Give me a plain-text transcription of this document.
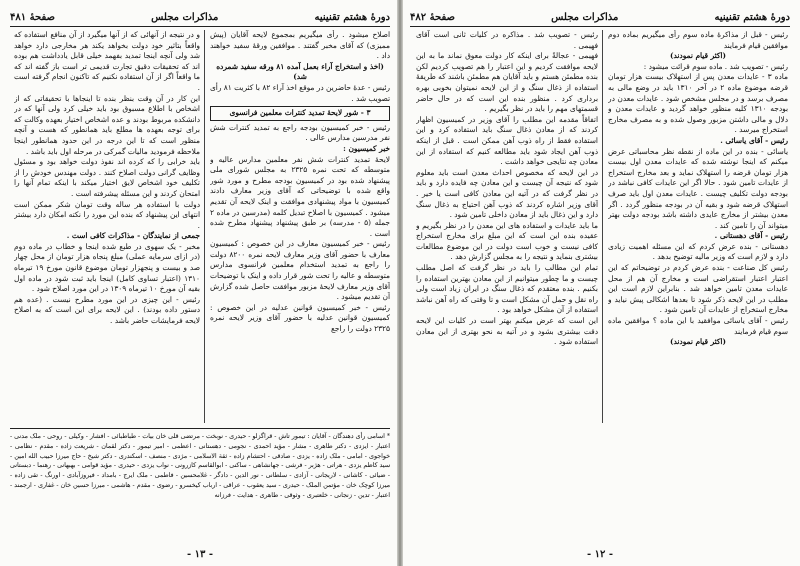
دورهٔ هشتم تقنینیه
مذاکرات مجلس
صفحهٔ ۴۸۱

اصلاح میشود . رأی میگیریم بمجموع لایحه آقایان (پیش ممیزی) که آقای مخبر گفتند . موافقین ورقهٔ سفید خواهند داد .

(اخذ و استخراج آراء بعمل آمده ۸۱ ورقه سفید شمرده شد)

رئیس - عدهٔ حاضرین در موقع اخذ آراء ۸۲ با کثریت ۸۱ رأی تصویب شد .

۳ - شور لایحهٔ تمدید کنترات معلمین فرانسوی

رئیس - خبر کمیسیون بودجه راجع به تمدید کنترات شش نفر مدرسین مدارس عالی .

خبر کمیسیون :

لایحهٔ تمدید کنترات شش نفر معلمین مدارس عالیه و متوسطه که تحت نمره ۲۳۲۵ به مجلس شورای ملی پیشنهاد شده بود در کمیسیون بودجه مطرح و مورد شور واقع شده با توضیحاتی که آقای وزیر معارف دادند کمیسیون با مواد پیشنهادی موافقت و اینک لایحه آن تقدیم میشود . کمیسیون با اصلاح تبدیل کلمه (مدرسین در ماده ۲ جمله (۵ - مدرسه) بر طبق پیشنهاد پیشنهاد مطرح شده است .

رئیس - خبر کمیسیون معارف در این خصوص : کمیسیون معارف با حضور آقای وزیر معارف لایحه نمره ۸۲۰۰ دولت را راجع به تمدید استخدام معلمین فرانسوی مدارس متوسطه و عالیه را تحت شور قرار داده و اینک با توضیحات آقای وزیر معارف لایحهٔ مزبور موافقت حاصل شده گزارش آن تقدیم میشود .

رئیس - خبر کمیسیون قوانین عدلیه در این خصوص : کمیسیون قوانین عدلیه با حضور آقای وزیر لایحه نمره ۲۳۲۵ دولت را راجع

و در نتیجه از آنهائی که از آنها میگیرد از آن منافع استفاده که واقعاً بتاثیر خود دولت بخواهد یکند هر مخارجی دارد خواهد شد ولی آنچه اینجا تمدید بفهمد خیلی قابل یادداشت هم بوده اند که تحقیقات دقیق تجارت قدیمی تر است باز گفته اند که ما واقعاً اگر از آن استفاده نکنیم که تاکنون انجام گرفته است .

این کار در آن وقت بنظر بنده تا اینجاها با تحقیقاتی که از اشخاص با اطلاع مسبوق بود باید خیلی کرد ولی آنها که در دانشکده مربوط بودند و عده اشخاص اختیار بعهده وکالت که برای توجه بعهده ها مطلع باید همانطور که هست و آنچه منظور است که تا این درجه در این حدود همانطور اینجا ملاحظه فرمودید مالیات گمرکی در مرحله اول باید باشد .

باید خرابی را که کرده اند نفوذ دولت خواهد بود و مسئول وظایف گرانی دولت اصلاح کنند . دولت مهندس خودش را از تکلیف خود اشخاص لایق اختیار میکند با اینکه تمام آنها را امتحان کردند و این مسئله پیشرفته است .

دولت با استفاده هر ساله وقت تومان شکر ممکن است انتهای این پیشنهاد که بنده این مورد را نکته امکان دارد بیشتر .

جمعی از نمایندگان - مذاکرات کافی است .

مخبر - یک سهوی در طبع شده اینجا و خطاب در ماده دوم (در ازای سرمایه عملی) مبلغ پنجاه هزار تومان از محل چهار صد و بیست و پنجهزار تومان موضوع قانون مورخ ۱۹ تیرماه ۱۳۱۰ (اعتبار تساوی کامل) اینجا باید ثبت شود در ماده اول بقیه آن مورخ ۱۰ تیرماه ۱۳۰۹ در این مورد اصلاح شود .

رئیس - این چیزی در این مورد مطرح نیست . (عده هم دستور داده بودند) . این لایحه برای این است که به اصلاح لایحه فرمایشات حاضر باشد .

* اسامی رأی دهندگان - آقایان : تیمور تاش - قراگزلو - حیدری - نوبخت - مرتضی قلی خان بیات - طباطبائی - افشار - وکیلی - روحی - ملک مدنی - اعتبار - ایزدی - دکتر طاهری - مشار - مؤید احمدی - نجومی - دهستانی - اعظمی - امیر تیمور - دکتر لقمان - شریعت زاده - مقدم - نظامی - خواجوی - امامی - ملک زاده - یزدی - صادقی - احتشام زاده - ثقة الاسلامی - مژدی - منصف - اسکندری - دکتر شیخ - حاج میرزا حبیب الله امین - سید کاظم یزدی - هراتی - هژبر - فرشی - جهانشاهی - ساکنی - ابوالقاسم کازرونی - نواب یزدی - حیدری - مؤید قوامی - بهبهانی - رهنما - دبستانی - ضیائی - کاشانی - لاریجانی - آزادی - سلطانی - نور الدین - دادگر - غلامحسین - فاطمی - ملک ایرج - بامداد - فیروزآبادی - اورنگ - تقی زاده - میرزا کوچک خان - مؤتمن الملک - حیدری - سید یعقوب - عراقی - ارباب کیخسرو - رضوی - مقدم - هاشمی - میرزا حسین خان - غفاری - ارجمند - اعتبار - تدین - زنجانی - خلعتبری - وثوقی - طاهری - هدایت - فرزانه
- ۱۳ -
دورهٔ هشتم تقنینیه
مذاکرات مجلس
صفحهٔ ۴۸۲

رئیس - قبل از مذاکرهٔ ماده سوم رأی میگیریم بماده دوم موافقین قیام فرمایند

(اکثر قیام نمودند)

رئیس - تصویب شد . ماده سوم قرائت میشود :

ماده ۳ - عایدات معدن پس از استهلاک بیست هزار تومان قرضه موضوع ماده ۲ در آخر ۱۳۱۰ باید در وضع مالی به مصرف برسد و در مجلس مشخص شود . عایدات معدن در بودجه ۱۳۱۰ کلیه منظور خواهد گردید و عایدات معدن و دلال و مالی داشتن مزبور وصول شده و به مصرف مخارج استخراج میرسد .

رئیس - آقای یاسائی .

یاسائی - بنده در این ماده از نقطه نظر محاسباتی عرض میکنم که اینجا نوشته شده که عایدات معدن اول بیست هزار تومان قرضه را استهلاک نماید و بعد مخارج استخراج از عایدات تامین شود . حالا اگر این عایدات کافی نباشد در بودجه دولت تکلیف چیست . عایدات معدن اول باید صرف استهلاک قرضه شود و بقیه آن در بودجه منظور گردد . اگر معدن بیشتر از مخارج عایدی داشته باشد بودجه دولت بهتر میتواند آن را تامین کند .

رئیس - آقای دهستانی .

دهستانی - بنده عرض کردم که این مسئله اهمیت زیادی دارد و لازم است که وزیر مالیه توضیح بدهد .

رئیس کل صناعت - بنده عرض کردم در توضیحاتم که این اعتبار اعتبار استقراضی است و مخارج آن هم از محل عایدات معدن تامین خواهد شد . بنابراین لازم است این مطلب در این لایحه ذکر شود تا بعدها اشکالی پیش نیاید و مخارج استخراج از عایدات آن تامین شود .

رئیس - آقای یاسائی موافقید با این ماده ؟ موافقین ماده سوم قیام فرمایند

(اکثر قیام نمودند)

رئیس - تصویب شد . مذاکره در کلیات ثانی است آقای فهیمی .

فهیمی - عجالةً برای اینکه کار دولت معوق نماند ما به این لایحه موافقت کردیم و این اعتبار را هم تصویب کردیم لکن بنده مطمئن هستم و باید آقایان هم مطمئن باشند که طریقهٔ استفاده از ذغال سنگ و از این لایحه نمیتوان بخوبی بهره برداری کرد . منظور بنده این است که در حال حاضر قسمتهای مهم را باید در نظر بگیریم .

اتفاقاً مقدمه این مطلب را آقای وزیر در کمیسیون اظهار کردند که از معادن ذغال سنگ باید استفاده کرد و این استفاده فقط از راه ذوب آهن ممکن است . قبل از اینکه ذوب آهن ایجاد شود باید مطالعه کنیم که استفاده از این معادن چه نتایجی خواهد داشت .

در این لایحه که مخصوص احداث معدن است باید معلوم شود که نتیجه آن چیست و این معادن چه فایده دارد و باید در نظر گرفت که در آتیه این معادن کافی است یا خیر . آقای وزیر اشاره کردند که ذوب آهن احتیاج به ذغال سنگ دارد و این ذغال باید از معادن داخلی تامین شود .

ما باید عایدات و استفاده های این معدن را در نظر بگیریم و عقیده بنده این است که این مبلغ برای مخارج استخراج کافی نیست و خوب است دولت در این موضوع مطالعات بیشتری بنماید و نتیجه را به مجلس گزارش دهد .

تمام این مطالب را باید در نظر گرفت که اصل مطلب چیست و ما چطور میتوانیم از این معادن بهترین استفاده را بکنیم . بنده معتقدم که ذغال سنگ در ایران زیاد است ولی راه نقل و حمل آن مشکل است و تا وقتی که راه آهن نباشد استفاده از آن مشکل خواهد بود .

این است که عرض میکنم بهتر است در کلیات این لایحه دقت بیشتری بشود و در آتیه به نحو بهتری از این معادن استفاده شود .

- ۱۲ -
